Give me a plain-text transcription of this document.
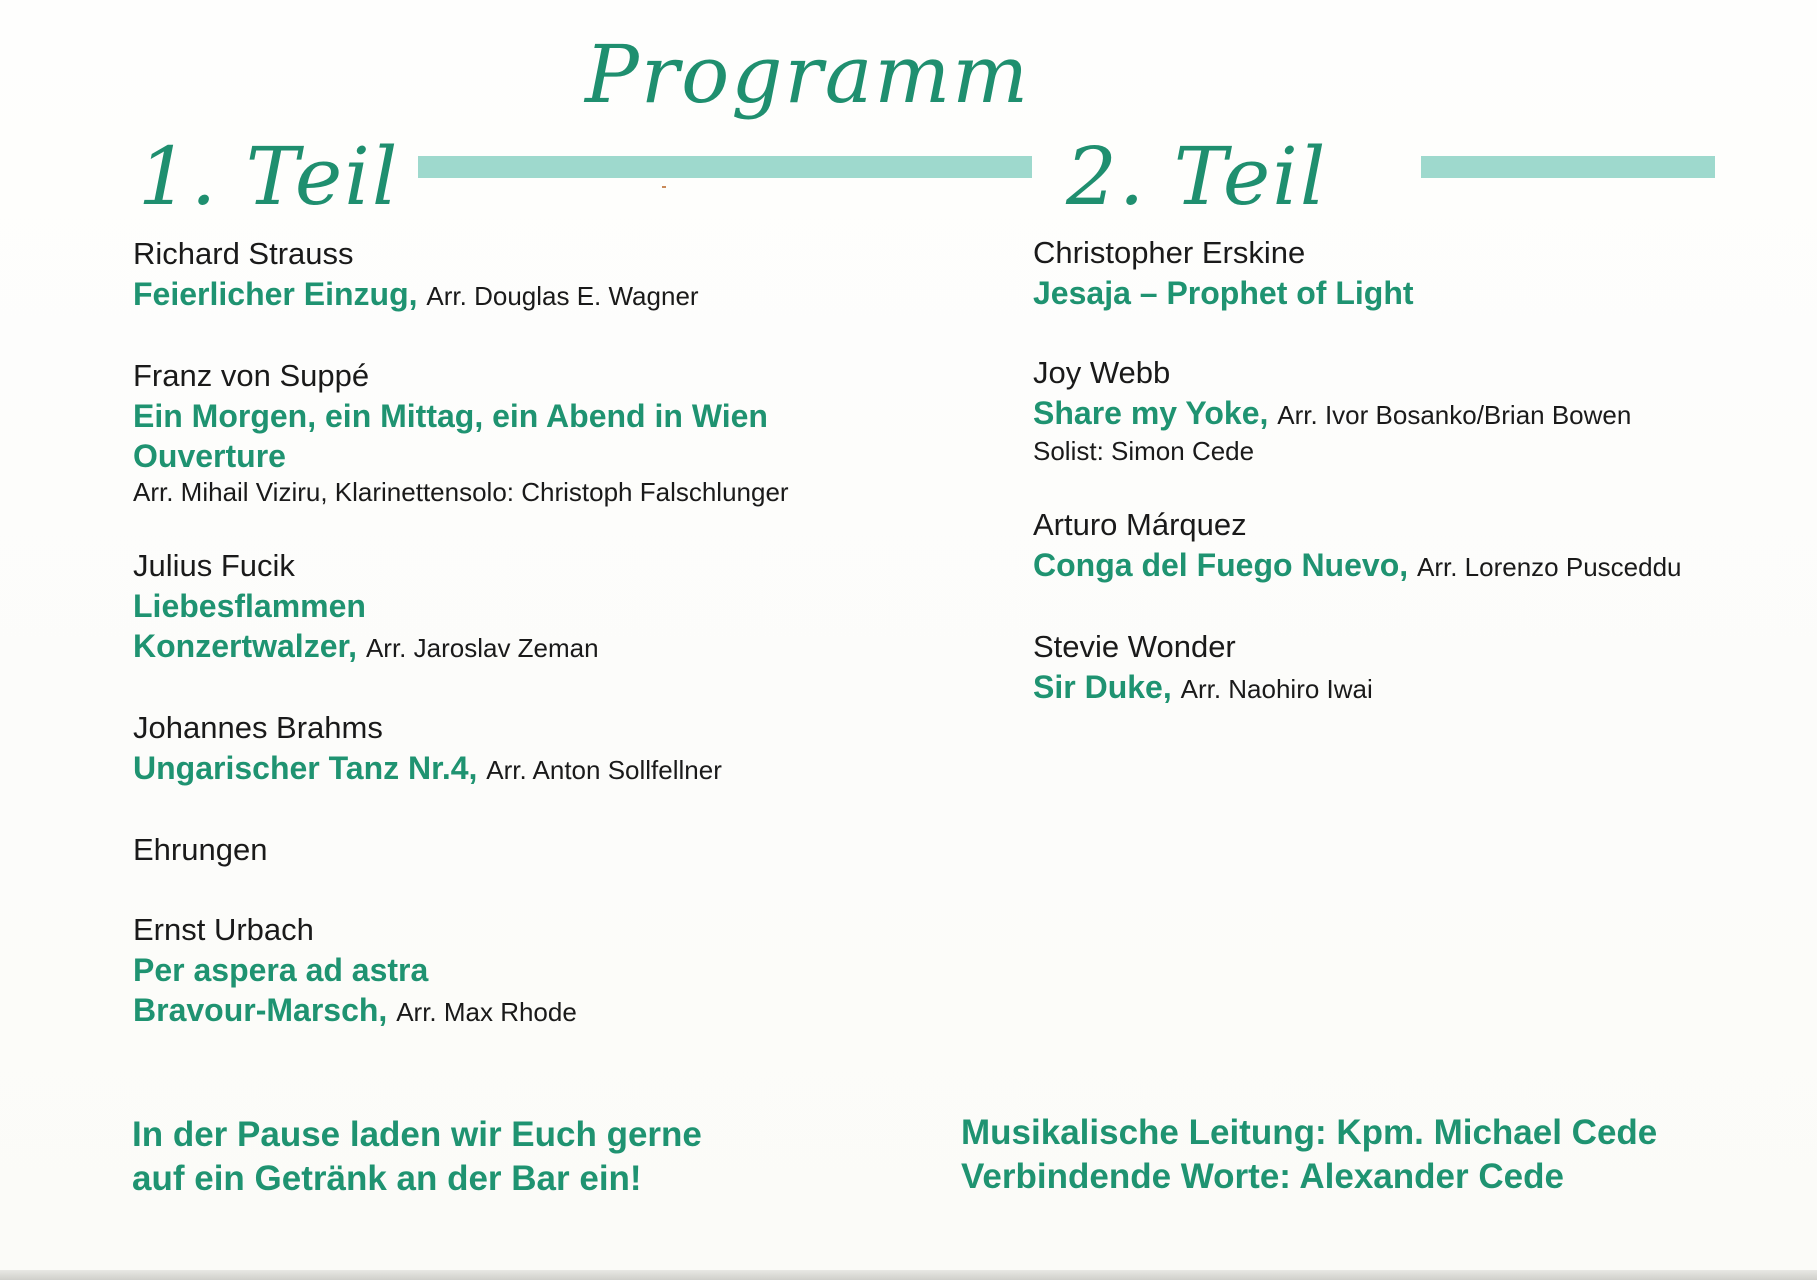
Programm
1. Teil	2. Teil
Richard Strauss
Feierlicher Einzug, Arr. Douglas E. Wagner
Franz von Suppé
Ein Morgen, ein Mittag, ein Abend in Wien
Ouverture
Arr. Mihail Viziru, Klarinettensolo: Christoph Falschlunger
Julius Fucik
Liebesflammen
Konzertwalzer, Arr. Jaroslav Zeman
Johannes Brahms
Ungarischer Tanz Nr.4, Arr. Anton Sollfellner
Ehrungen
Ernst Urbach
Per aspera ad astra
Bravour-Marsch, Arr. Max Rhode
Christopher Erskine
Jesaja – Prophet of Light
Joy Webb
Share my Yoke, Arr. Ivor Bosanko/Brian Bowen
Solist: Simon Cede
Arturo Márquez
Conga del Fuego Nuevo, Arr. Lorenzo Pusceddu
Stevie Wonder
Sir Duke, Arr. Naohiro Iwai
In der Pause laden wir Euch gerne
auf ein Getränk an der Bar ein!
Musikalische Leitung: Kpm. Michael Cede
Verbindende Worte: Alexander Cede
